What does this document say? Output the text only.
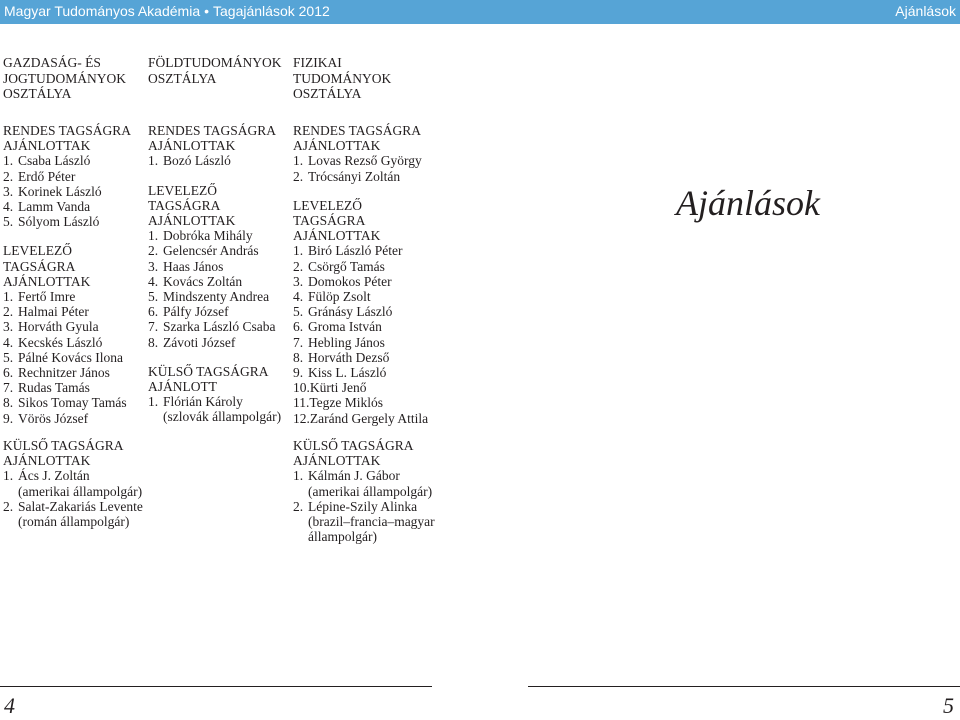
Magyar Tudományos Akadémia • Tagajánlások 2012	Ajánlások
GAZDASÁG- ÉS
JOGTUDOMÁNYOK
OSZTÁLYA
RENDES TAGSÁGRA
AJÁNLOTTAK
1. Csaba László
2. Erdő Péter
3. Korinek László
4. Lamm Vanda
5. Sólyom László
LEVELEZŐ TAGSÁGRA
AJÁNLOTTAK
1. Fertő Imre
2. Halmai Péter
3. Horváth Gyula
4. Kecskés László
5. Pálné Kovács Ilona
6. Rechnitzer János
7. Rudas Tamás
8. Sikos Tomay Tamás
9. Vörös József
FÖLDTUDOMÁNYOK
OSZTÁLYA
RENDES TAGSÁGRA
AJÁNLOTTAK
1. Bozó László
LEVELEZŐ TAGSÁGRA
AJÁNLOTTAK
1. Dobróka Mihály
2. Gelencsér András
3. Haas János
4. Kovács Zoltán
5. Mindszenty Andrea
6. Pálfy József
7. Szarka László Csaba
8. Závoti József
KÜLSŐ TAGSÁGRA
AJÁNLOTT
1. Flórián Károly
(szlovák állampolgár)
FIZIKAI
TUDOMÁNYOK
OSZTÁLYA
RENDES TAGSÁGRA
AJÁNLOTTAK
1. Lovas Rezső György
2. Trócsányi Zoltán
LEVELEZŐ TAGSÁGRA
AJÁNLOTTAK
1. Biró László Péter
2. Csörgő Tamás
3. Domokos Péter
4. Fülöp Zsolt
5. Gránásy László
6. Groma István
7. Hebling János
8. Horváth Dezső
9. Kiss L. László
10. Kürti Jenő
11. Tegze Miklós
12. Zaránd Gergely Attila
KÜLSŐ TAGSÁGRA
AJÁNLOTTAK
1. Ács J. Zoltán
(amerikai állampolgár)
2. Salat-Zakariás Levente
(román állampolgár)
KÜLSŐ TAGSÁGRA
AJÁNLOTTAK
1. Kálmán J. Gábor
(amerikai állampolgár)
2. Lépine-Szily Alinka
(brazil–francia–magyar
állampolgár)
Ajánlások
4	5
